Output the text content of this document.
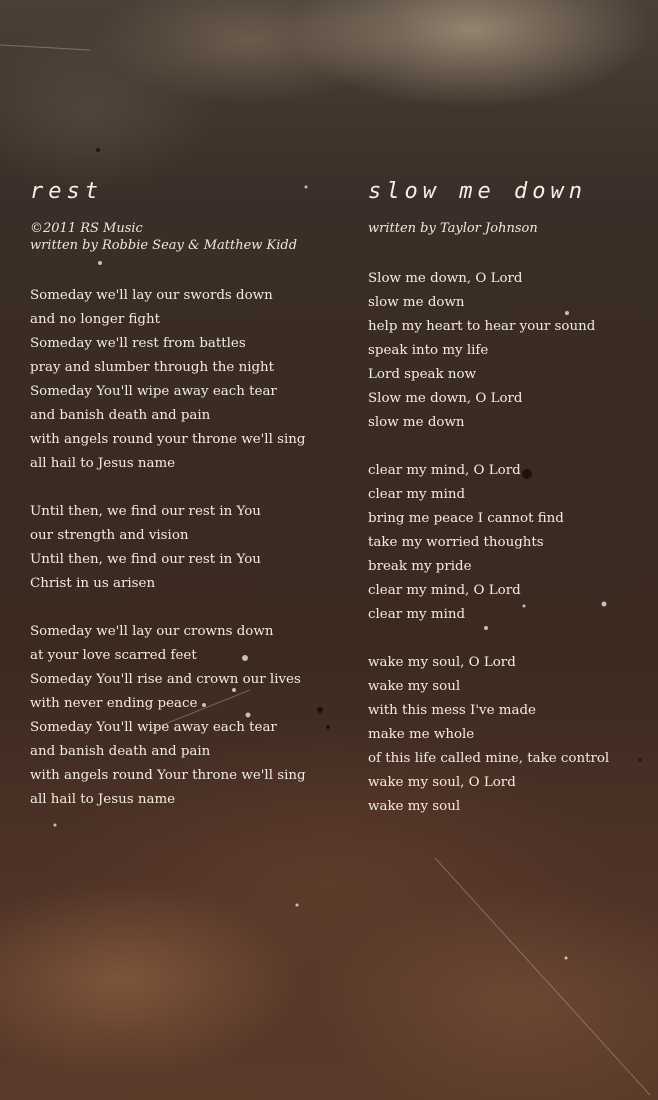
rest
©2011 RS Music
written by Robbie Seay & Matthew Kidd
Someday we'll lay our swords down
and no longer fight
Someday we'll rest from battles
pray and slumber through the night
Someday You'll wipe away each tear
and banish death and pain
with angels round your throne we'll sing
all hail to Jesus name
Until then, we find our rest in You
our strength and vision
Until then, we find our rest in You
Christ in us arisen
Someday we'll lay our crowns down
at your love scarred feet
Someday You'll rise and crown our lives
with never ending peace
Someday You'll wipe away each tear
and banish death and pain
with angels round Your throne we'll sing
all hail to Jesus name
slow me down
written by Taylor Johnson
Slow me down, O Lord
slow me down
help my heart to hear your sound
speak into my life
Lord speak now
Slow me down, O Lord
slow me down
clear my mind, O Lord
clear my mind
bring me peace I cannot find
take my worried thoughts
break my pride
clear my mind, O Lord
clear my mind
wake my soul, O Lord
wake my soul
with this mess I've made
make me whole
of this life called mine, take control
wake my soul, O Lord
wake my soul
